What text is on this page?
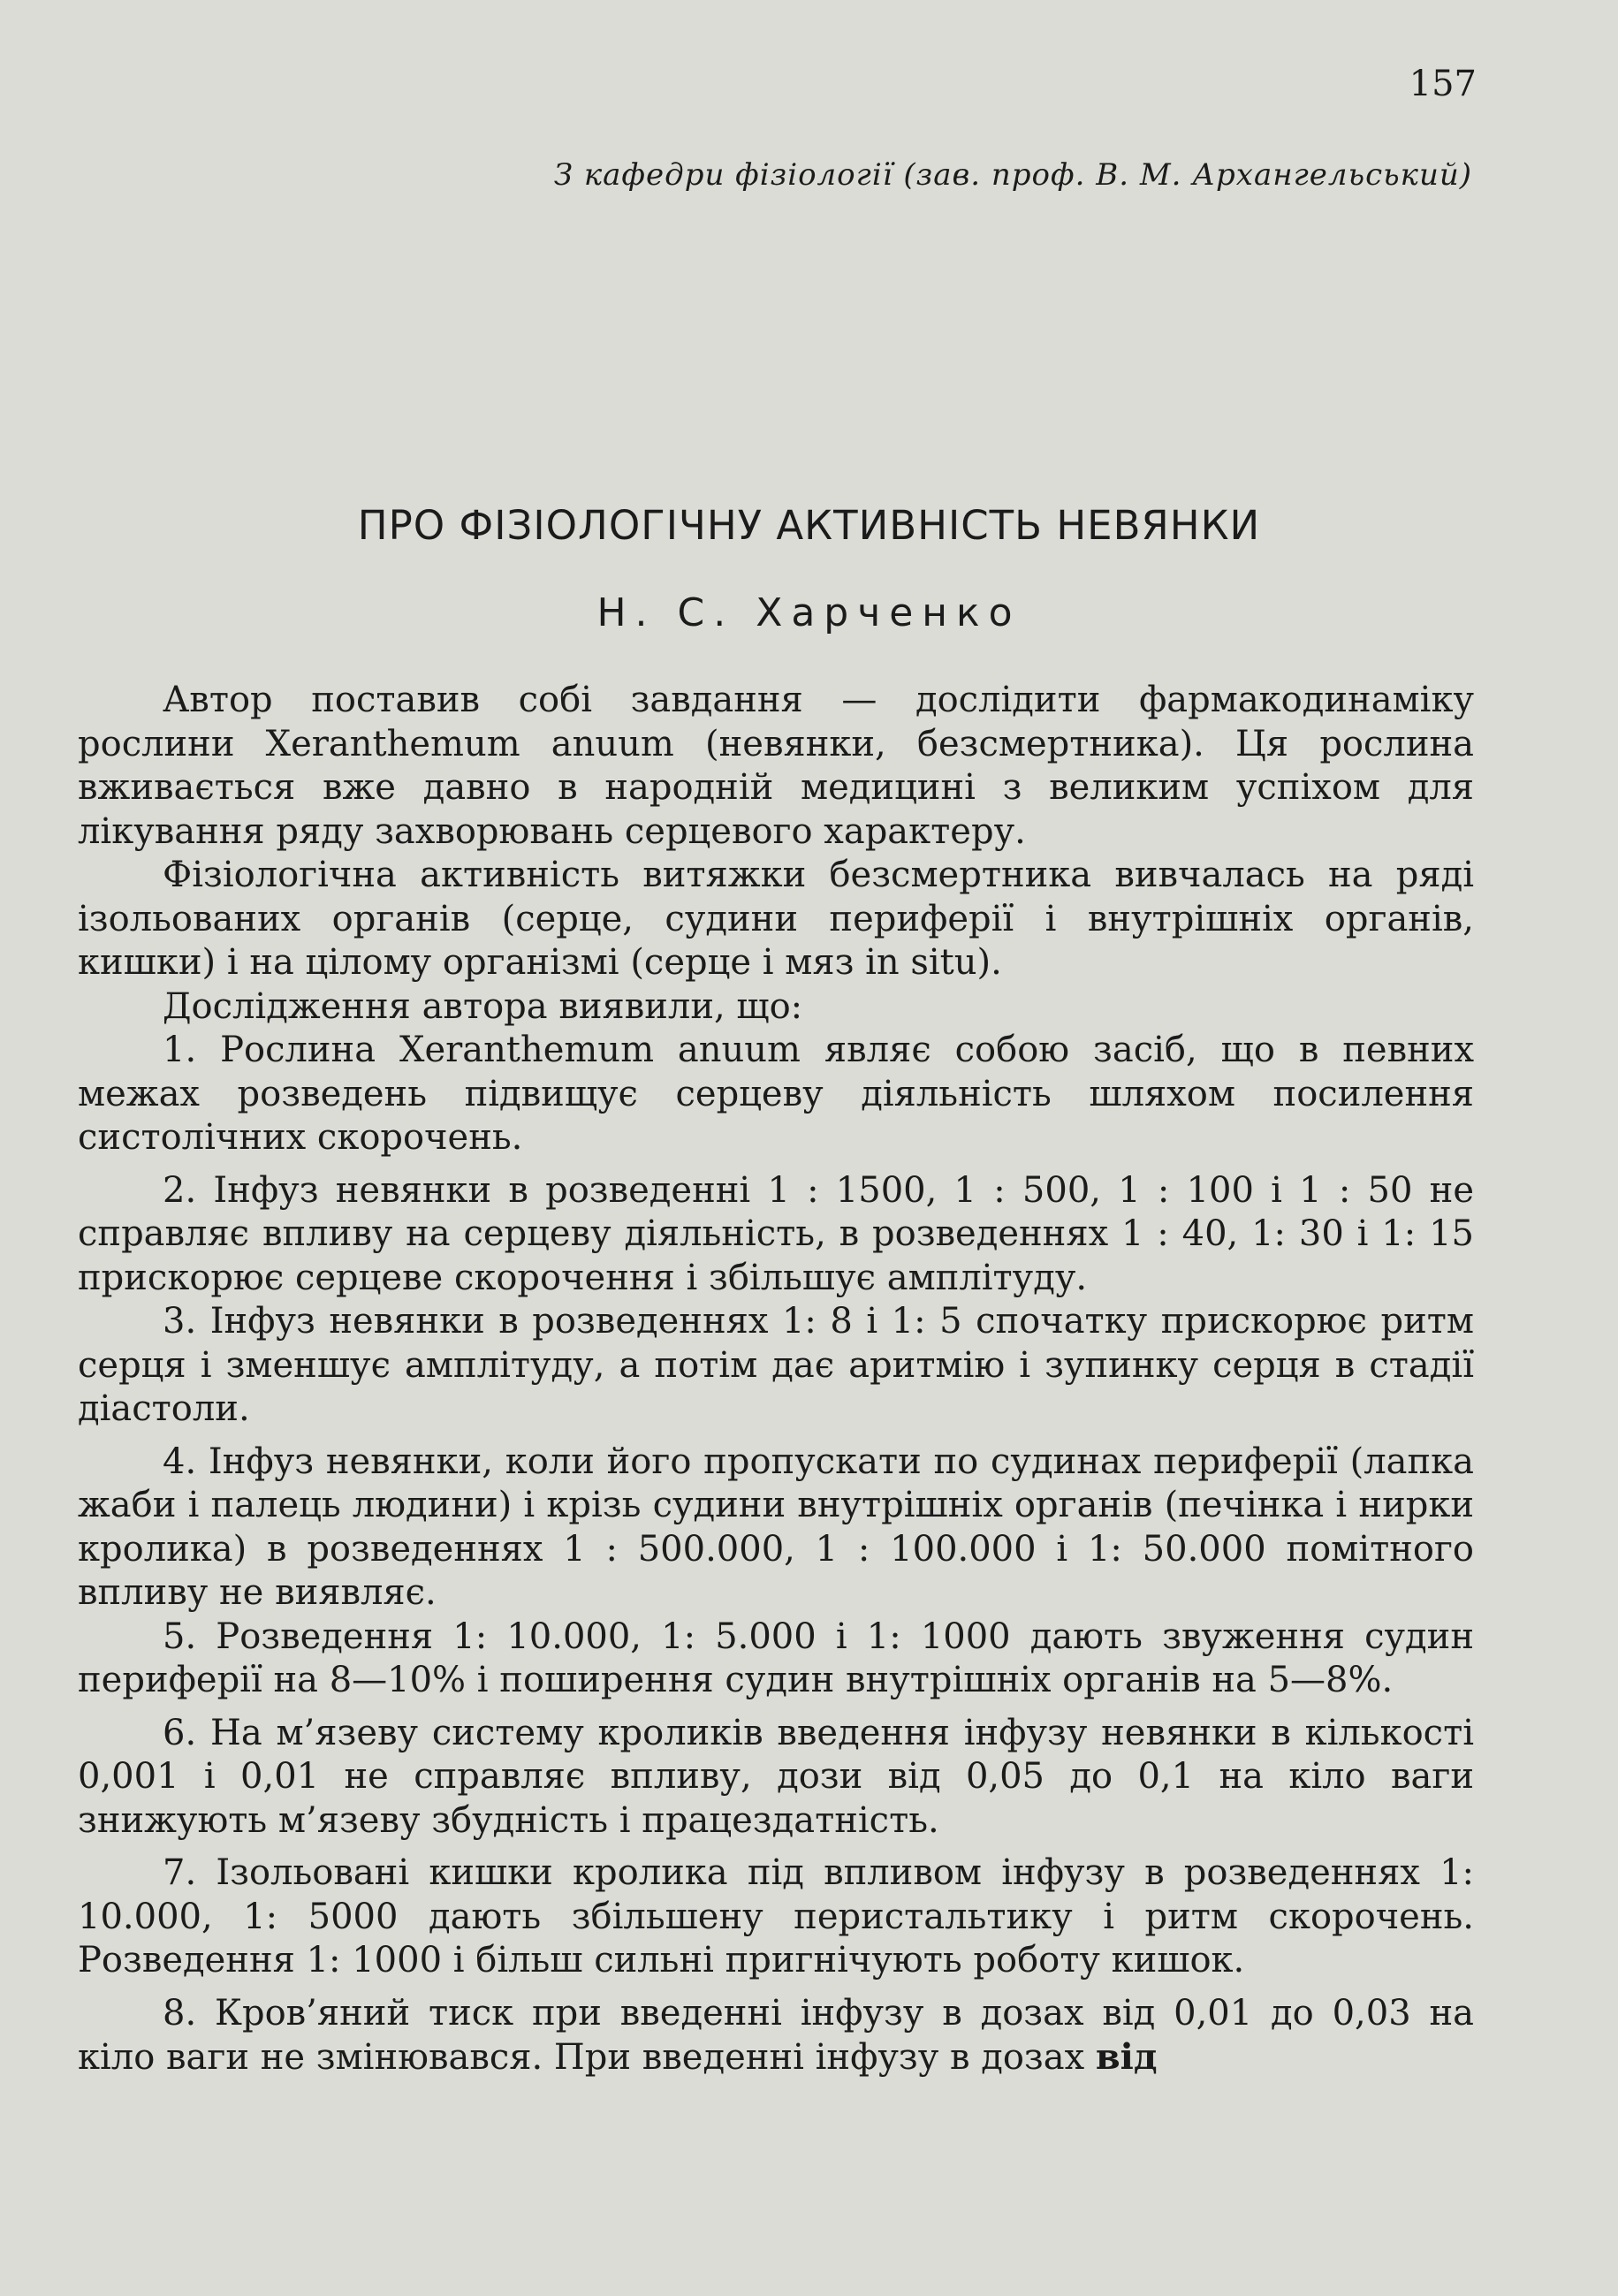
157
З кафедри фізіології (зав. проф. В. М. Архангельський)
ПРО ФІЗІОЛОГІЧНУ АКТИВНІСТЬ НЕВЯНКИ
Н. С. Харченко

Автор поставив собі завдання — дослідити фармакодинаміку рослини Xeranthemum anuum (невянки, безсмертника). Ця рослина вживається вже давно в народній медицині з великим успіхом для лікування ряду захворювань серцевого характеру.

Фізіологічна активність витяжки безсмертника вивчалась на ряді ізольованих органів (серце, судини периферії і внутрішніх органів, кишки) і на цілому організмі (серце і мяз in situ).

Дослідження автора виявили, що:

1. Рослина Xeranthemum anuum являє собою засіб, що в певних межах розведень підвищує серцеву діяльність шляхом посилення систолічних скорочень.

2. Інфуз невянки в розведенні 1 : 1500, 1 : 500, 1 : 100 і 1 : 50 не справляє впливу на серцеву діяльність, в розведеннях 1 : 40, 1: 30 і 1: 15 прискорює серцеве скорочення і збільшує амплітуду.

3. Інфуз невянки в розведеннях 1: 8 і 1: 5 спочатку прискорює ритм серця і зменшує амплітуду, а потім дає аритмію і зупинку серця в стадії діастоли.

4. Інфуз невянки, коли його пропускати по судинах периферії (лапка жаби і палець людини) і крізь судини внутрішніх органів (печінка і нирки кролика) в розведеннях 1 : 500.000, 1 : 100.000 і 1: 50.000 помітного впливу не виявляє.

5. Розведення 1: 10.000, 1: 5.000 і 1: 1000 дають звуження судин периферії на 8—10% і поширення судин внутрішніх органів на 5—8%.

6. На м’язеву систему кроликів введення інфузу невянки в кількості 0,001 і 0,01 не справляє впливу, дози від 0,05 до 0,1 на кіло ваги знижують м’язеву збудність і працездатність.

7. Ізольовані кишки кролика під впливом інфузу в розведеннях 1: 10.000, 1: 5000 дають збільшену перистальтику і ритм скорочень. Розведення 1: 1000 і більш сильні пригнічують роботу кишок.

8. Кров’яний тиск при введенні інфузу в дозах від 0,01 до 0,03 на кіло ваги не змінювався. При введенні інфузу в дозах від
